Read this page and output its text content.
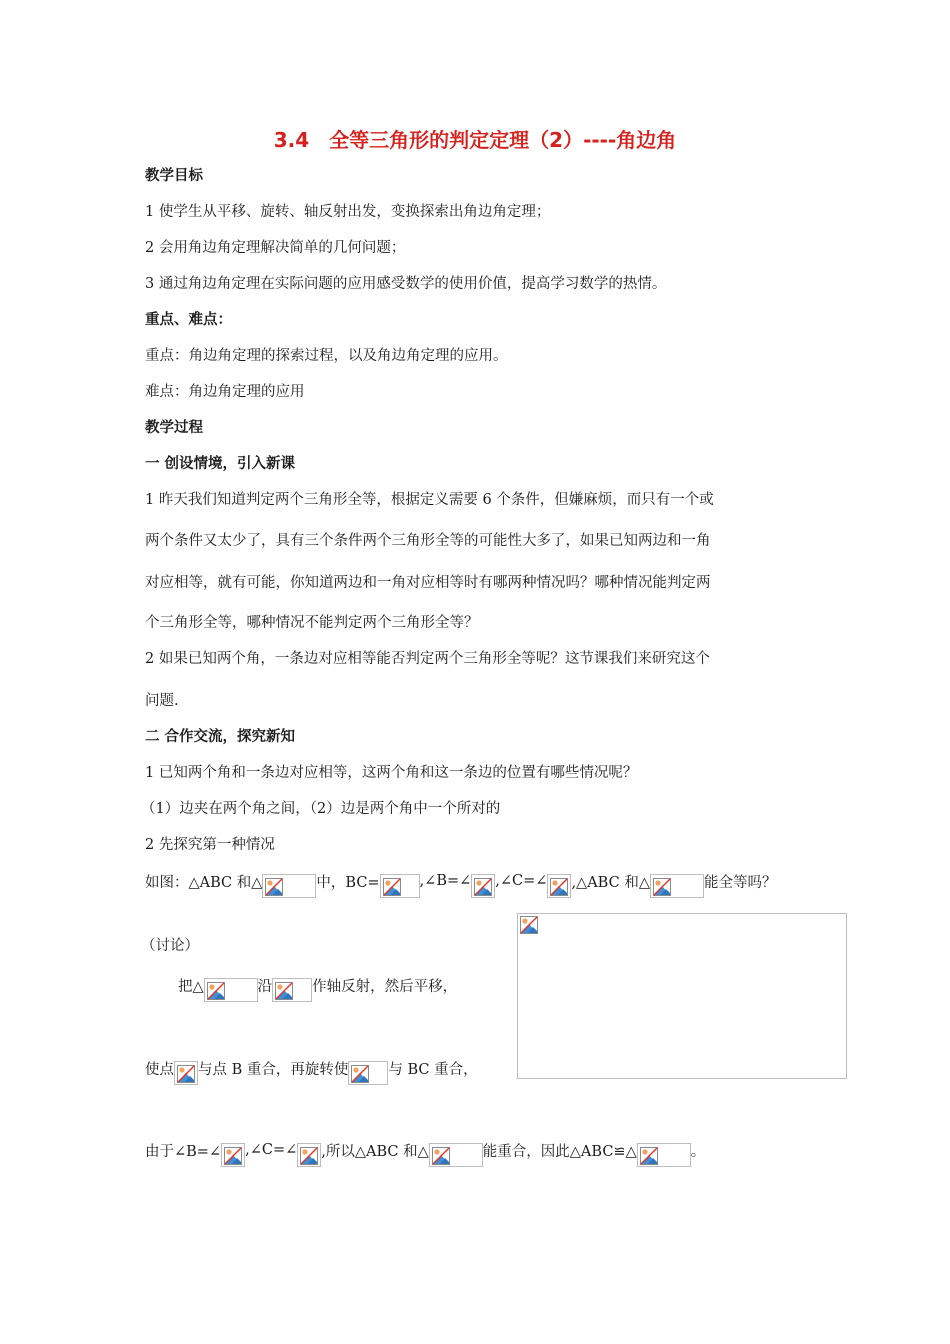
3.4　全等三角形的判定定理（2）----角边角
教学目标
1 使学生从平移、旋转、轴反射出发，变换探索出角边角定理；
2 会用角边角定理解决简单的几何问题；
3 通过角边角定理在实际问题的应用感受数学的使用价值，提高学习数学的热情。
重点、难点：
重点：角边角定理的探索过程，以及角边角定理的应用。
难点：角边角定理的应用
教学过程
一 创设情境，引入新课
1 昨天我们知道判定两个三角形全等，根据定义需要 6 个条件，但嫌麻烦，而只有一个或
两个条件又太少了，具有三个条件两个三角形全等的可能性大多了，如果已知两边和一角
对应相等，就有可能，你知道两边和一角对应相等时有哪两种情况吗？哪种情况能判定两
个三角形全等，哪种情况不能判定两个三角形全等？
2 如果已知两个角，一条边对应相等能否判定两个三角形全等呢？这节课我们来研究这个
问题.
二 合作交流，探究新知
1 已知两个角和一条边对应相等，这两个角和这一条边的位置有哪些情况呢？
（1）边夹在两个角之间，（2）边是两个角中一个所对的
2 先探究第一种情况
如图：△ABC 和△	中，BC=	,∠B=∠ ,∠C=∠ ,△ABC 和△	能全等吗？
（讨论）
把△	沿	作轴反射，然后平移，
使点 与点 B 重合，再旋转使	与 BC 重合，
由于∠B=∠ ,∠C=∠ ,所以△ABC 和△	能重合，因此△ABC≌△	。
